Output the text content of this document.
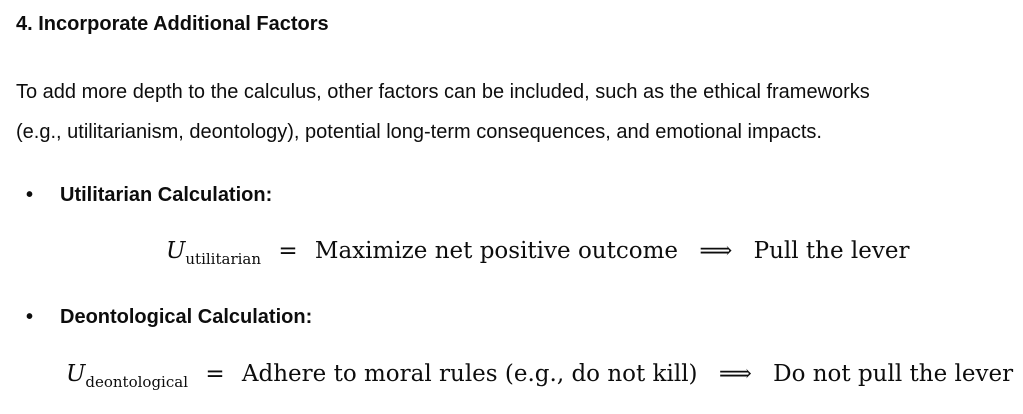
4. Incorporate Additional Factors
To add more depth to the calculus, other factors can be included, such as the ethical frameworks
(e.g., utilitarianism, deontology), potential long-term consequences, and emotional impacts.
• Utilitarian Calculation:
$U_{utilitarian}$ = Maximize net positive outcome ⟹ Pull the lever
• Deontological Calculation:
$U_{deontological}$ = Adhere to moral rules (e.g., do not kill) ⟹ Do not pull the lever
